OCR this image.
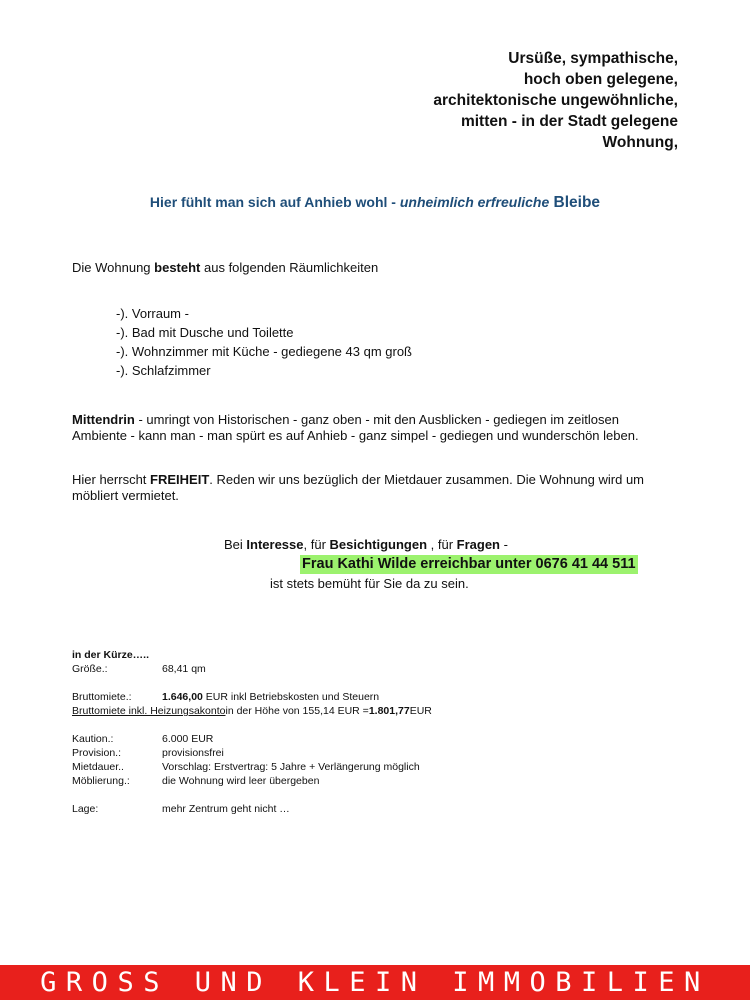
Ursüße, sympathische,
hoch oben gelegene,
architektonische ungewöhnliche,
mitten - in der Stadt gelegene
Wohnung,
Hier fühlt man sich auf Anhieb wohl - unheimlich erfreuliche Bleibe
Die Wohnung besteht aus folgenden Räumlichkeiten
-). Vorraum -
-). Bad mit Dusche und Toilette
-). Wohnzimmer mit Küche - gediegene 43 qm groß
-). Schlafzimmer

Mittendrin - umringt von Historischen - ganz oben - mit den Ausblicken - gediegen im zeitlosen Ambiente - kann man - man spürt es auf Anhieb - ganz simpel - gediegen und wunderschön leben.

Hier herrscht FREIHEIT. Reden wir uns bezüglich der Mietdauer zusammen. Die Wohnung wird um möbliert vermietet.

Bei Interesse, für Besichtigungen , für Fragen -
Frau Kathi Wilde erreichbar unter 0676 41 44 511
ist stets bemüht für Sie da zu sein.
in der Kürze…..
Größe.:	68,41 qm
Bruttomiete.:	1.646,00 EUR inkl Betriebskosten und Steuern
Bruttomiete inkl. Heizungsakonto in der Höhe von 155,14 EUR = 1.801,77 EUR
Kaution.:	6.000 EUR
Provision.:	provisionsfrei
Mietdauer..	Vorschlag: Erstvertrag: 5 Jahre + Verlängerung möglich
Möblierung.:	die Wohnung wird leer übergeben
Lage:	mehr Zentrum geht nicht …
GROSS UND KLEIN IMMOBILIEN
